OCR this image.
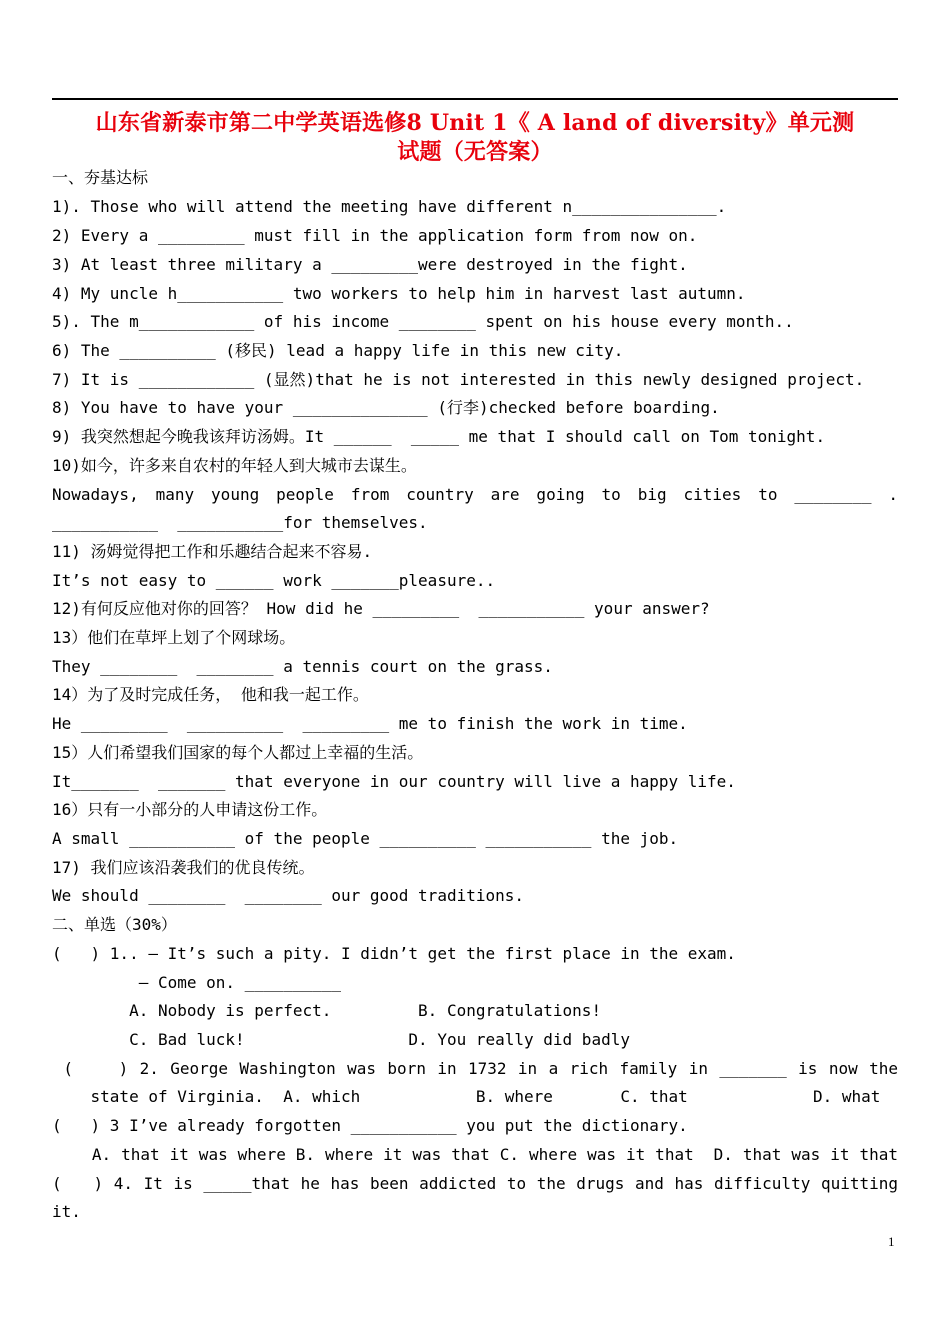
山东省新泰市第二中学英语选修8 Unit 1《 A land of diversity》单元测
试题（无答案）
一、夯基达标
1). Those who will attend the meeting have different n_______________.
2) Every a _________ must fill in the application form from now on.
3) At least three military a _________were destroyed in the fight.
4) My uncle h___________ two workers to help him in harvest last autumn.
5). The m____________ of his income ________ spent on his house every month..
6) The __________ (移民) lead a happy life in this new city.
7) It is ____________ (显然)that he is not interested in this newly designed project.
8) You have to have your ______________ (行李)checked before boarding.
9) 我突然想起今晚我该拜访汤姆。It ______  _____ me that I should call on Tom tonight.
10)如今，许多来自农村的年轻人到大城市去谋生。
Nowadays, many young people from country are going to big cities to ________ .
___________  ___________for themselves.
11) 汤姆觉得把工作和乐趣结合起来不容易.
It’s not easy to ______ work _______pleasure..
12)有何反应他对你的回答？ How did he _________  ___________ your answer?
13）他们在草坪上划了个网球场。
They ________  ________ a tennis court on the grass.
14）为了及时完成任务， 他和我一起工作。
He _________  __________  _________ me to finish the work in time.
15）人们希望我们国家的每个人都过上幸福的生活。
It_______  _______ that everyone in our country will live a happy life.
16）只有一小部分的人申请这份工作。
A small ___________ of the people __________ ___________ the job.
17) 我们应该沿袭我们的优良传统。
We should ________  ________ our good traditions.
二、单选（30%）
(   ) 1.. — It’s such a pity. I didn’t get the first place in the exam.
— Come on. __________
A. Nobody is perfect.         B. Congratulations!
C. Bad luck!                 D. You really did badly
(    ) 2. George Washington was born in 1732 in a rich family in _______ is now the
state of Virginia.  A. which            B. where       C. that             D. what
(   ) 3 I’ve already forgotten ___________ you put the dictionary.
A. that it was where B. where it was that C. where was it that  D. that was it that
(   ) 4. It is _____that he has been addicted to the drugs and has difficulty quitting
it.
1
